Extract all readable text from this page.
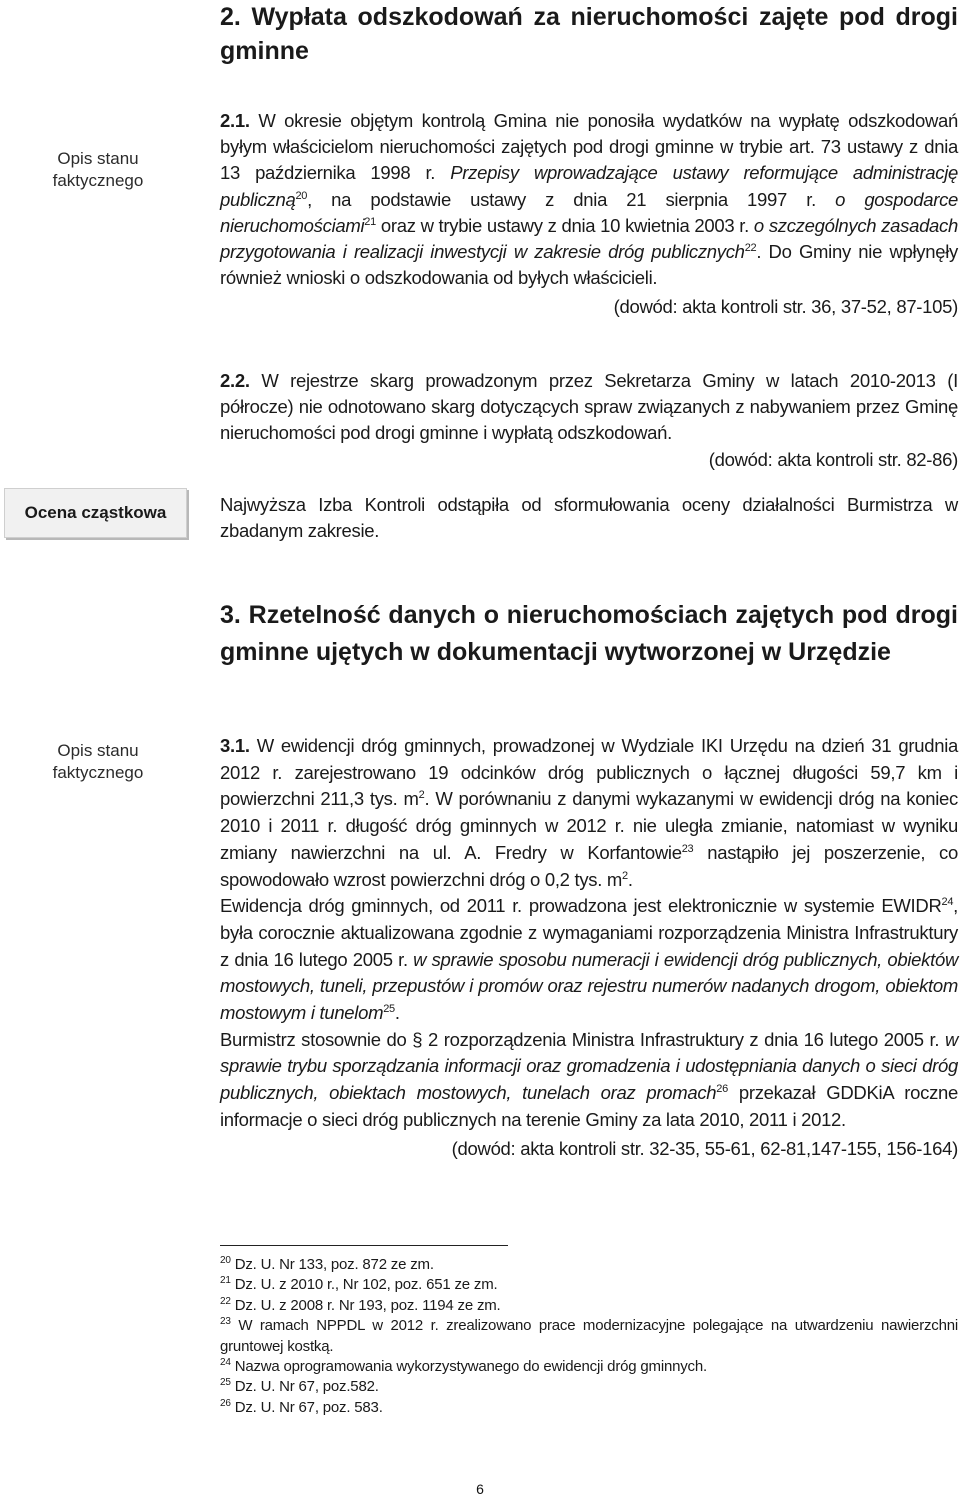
2. Wypłata odszkodowań za nieruchomości zajęte pod drogi gminne
Opis stanu faktycznego
2.1. W okresie objętym kontrolą Gmina nie ponosiła wydatków na wypłatę odszkodowań byłym właścicielom nieruchomości zajętych pod drogi gminne w trybie art. 73 ustawy z dnia 13 października 1998 r. Przepisy wprowadzające ustawy reformujące administrację publiczną$^{20}$, na podstawie ustawy z dnia 21 sierpnia 1997 r. o gospodarce nieruchomościami$^{21}$ oraz w trybie ustawy z dnia 10 kwietnia 2003 r. o szczególnych zasadach przygotowania i realizacji inwestycji w zakresie dróg publicznych$^{22}$. Do Gminy nie wpłynęły również wnioski o odszkodowania od byłych właścicieli.
(dowód: akta kontroli str. 36, 37-52, 87-105)
2.2. W rejestrze skarg prowadzonym przez Sekretarza Gminy w latach 2010-2013 (I półrocze) nie odnotowano skarg dotyczących spraw związanych z nabywaniem przez Gminę nieruchomości pod drogi gminne i wypłatą odszkodowań.
(dowód: akta kontroli str. 82-86)
Ocena cząstkowa	Najwyższa Izba Kontroli odstąpiła od sformułowania oceny działalności Burmistrza w zbadanym zakresie.
3. Rzetelność danych o nieruchomościach zajętych pod drogi gminne ujętych w dokumentacji wytworzonej w Urzędzie
Opis stanu faktycznego
3.1. W ewidencji dróg gminnych, prowadzonej w Wydziale IKI Urzędu na dzień 31 grudnia 2012 r. zarejestrowano 19 odcinków dróg publicznych o łącznej długości 59,7 km i powierzchni 211,3 tys. $m^2$. W porównaniu z danymi wykazanymi w ewidencji dróg na koniec 2010 i 2011 r. długość dróg gminnych w 2012 r. nie uległa zmianie, natomiast w wyniku zmiany nawierzchni na ul. A. Fredry w Korfantowie$^{23}$ nastąpiło jej poszerzenie, co spowodowało wzrost powierzchni dróg o 0,2 tys. $m^2$.
Ewidencja dróg gminnych, od 2011 r. prowadzona jest elektronicznie w systemie EWIDR$^{24}$, była corocznie aktualizowana zgodnie z wymaganiami rozporządzenia Ministra Infrastruktury z dnia 16 lutego 2005 r. w sprawie sposobu numeracji i ewidencji dróg publicznych, obiektów mostowych, tuneli, przepustów i promów oraz rejestru numerów nadanych drogom, obiektom mostowym i tunelom$^{25}$.
Burmistrz stosownie do § 2 rozporządzenia Ministra Infrastruktury z dnia 16 lutego 2005 r. w sprawie trybu sporządzania informacji oraz gromadzenia i udostępniania danych o sieci dróg publicznych, obiektach mostowych, tunelach oraz promach$^{26}$ przekazał GDDKiA roczne informacje o sieci dróg publicznych na terenie Gminy za lata 2010, 2011 i 2012.
(dowód: akta kontroli str. 32-35, 55-61, 62-81,147-155, 156-164)
$^{20}$ Dz. U. Nr 133, poz. 872 ze zm.
$^{21}$ Dz. U. z 2010 r., Nr 102, poz. 651 ze zm.
$^{22}$ Dz. U. z 2008 r. Nr 193, poz. 1194 ze zm.
$^{23}$ W ramach NPPDL w 2012 r. zrealizowano prace modernizacyjne polegające na utwardzeniu nawierzchni gruntowej kostką.
$^{24}$ Nazwa oprogramowania wykorzystywanego do ewidencji dróg gminnych.
$^{25}$ Dz. U. Nr 67, poz.582.
$^{26}$ Dz. U. Nr 67, poz. 583.
6
